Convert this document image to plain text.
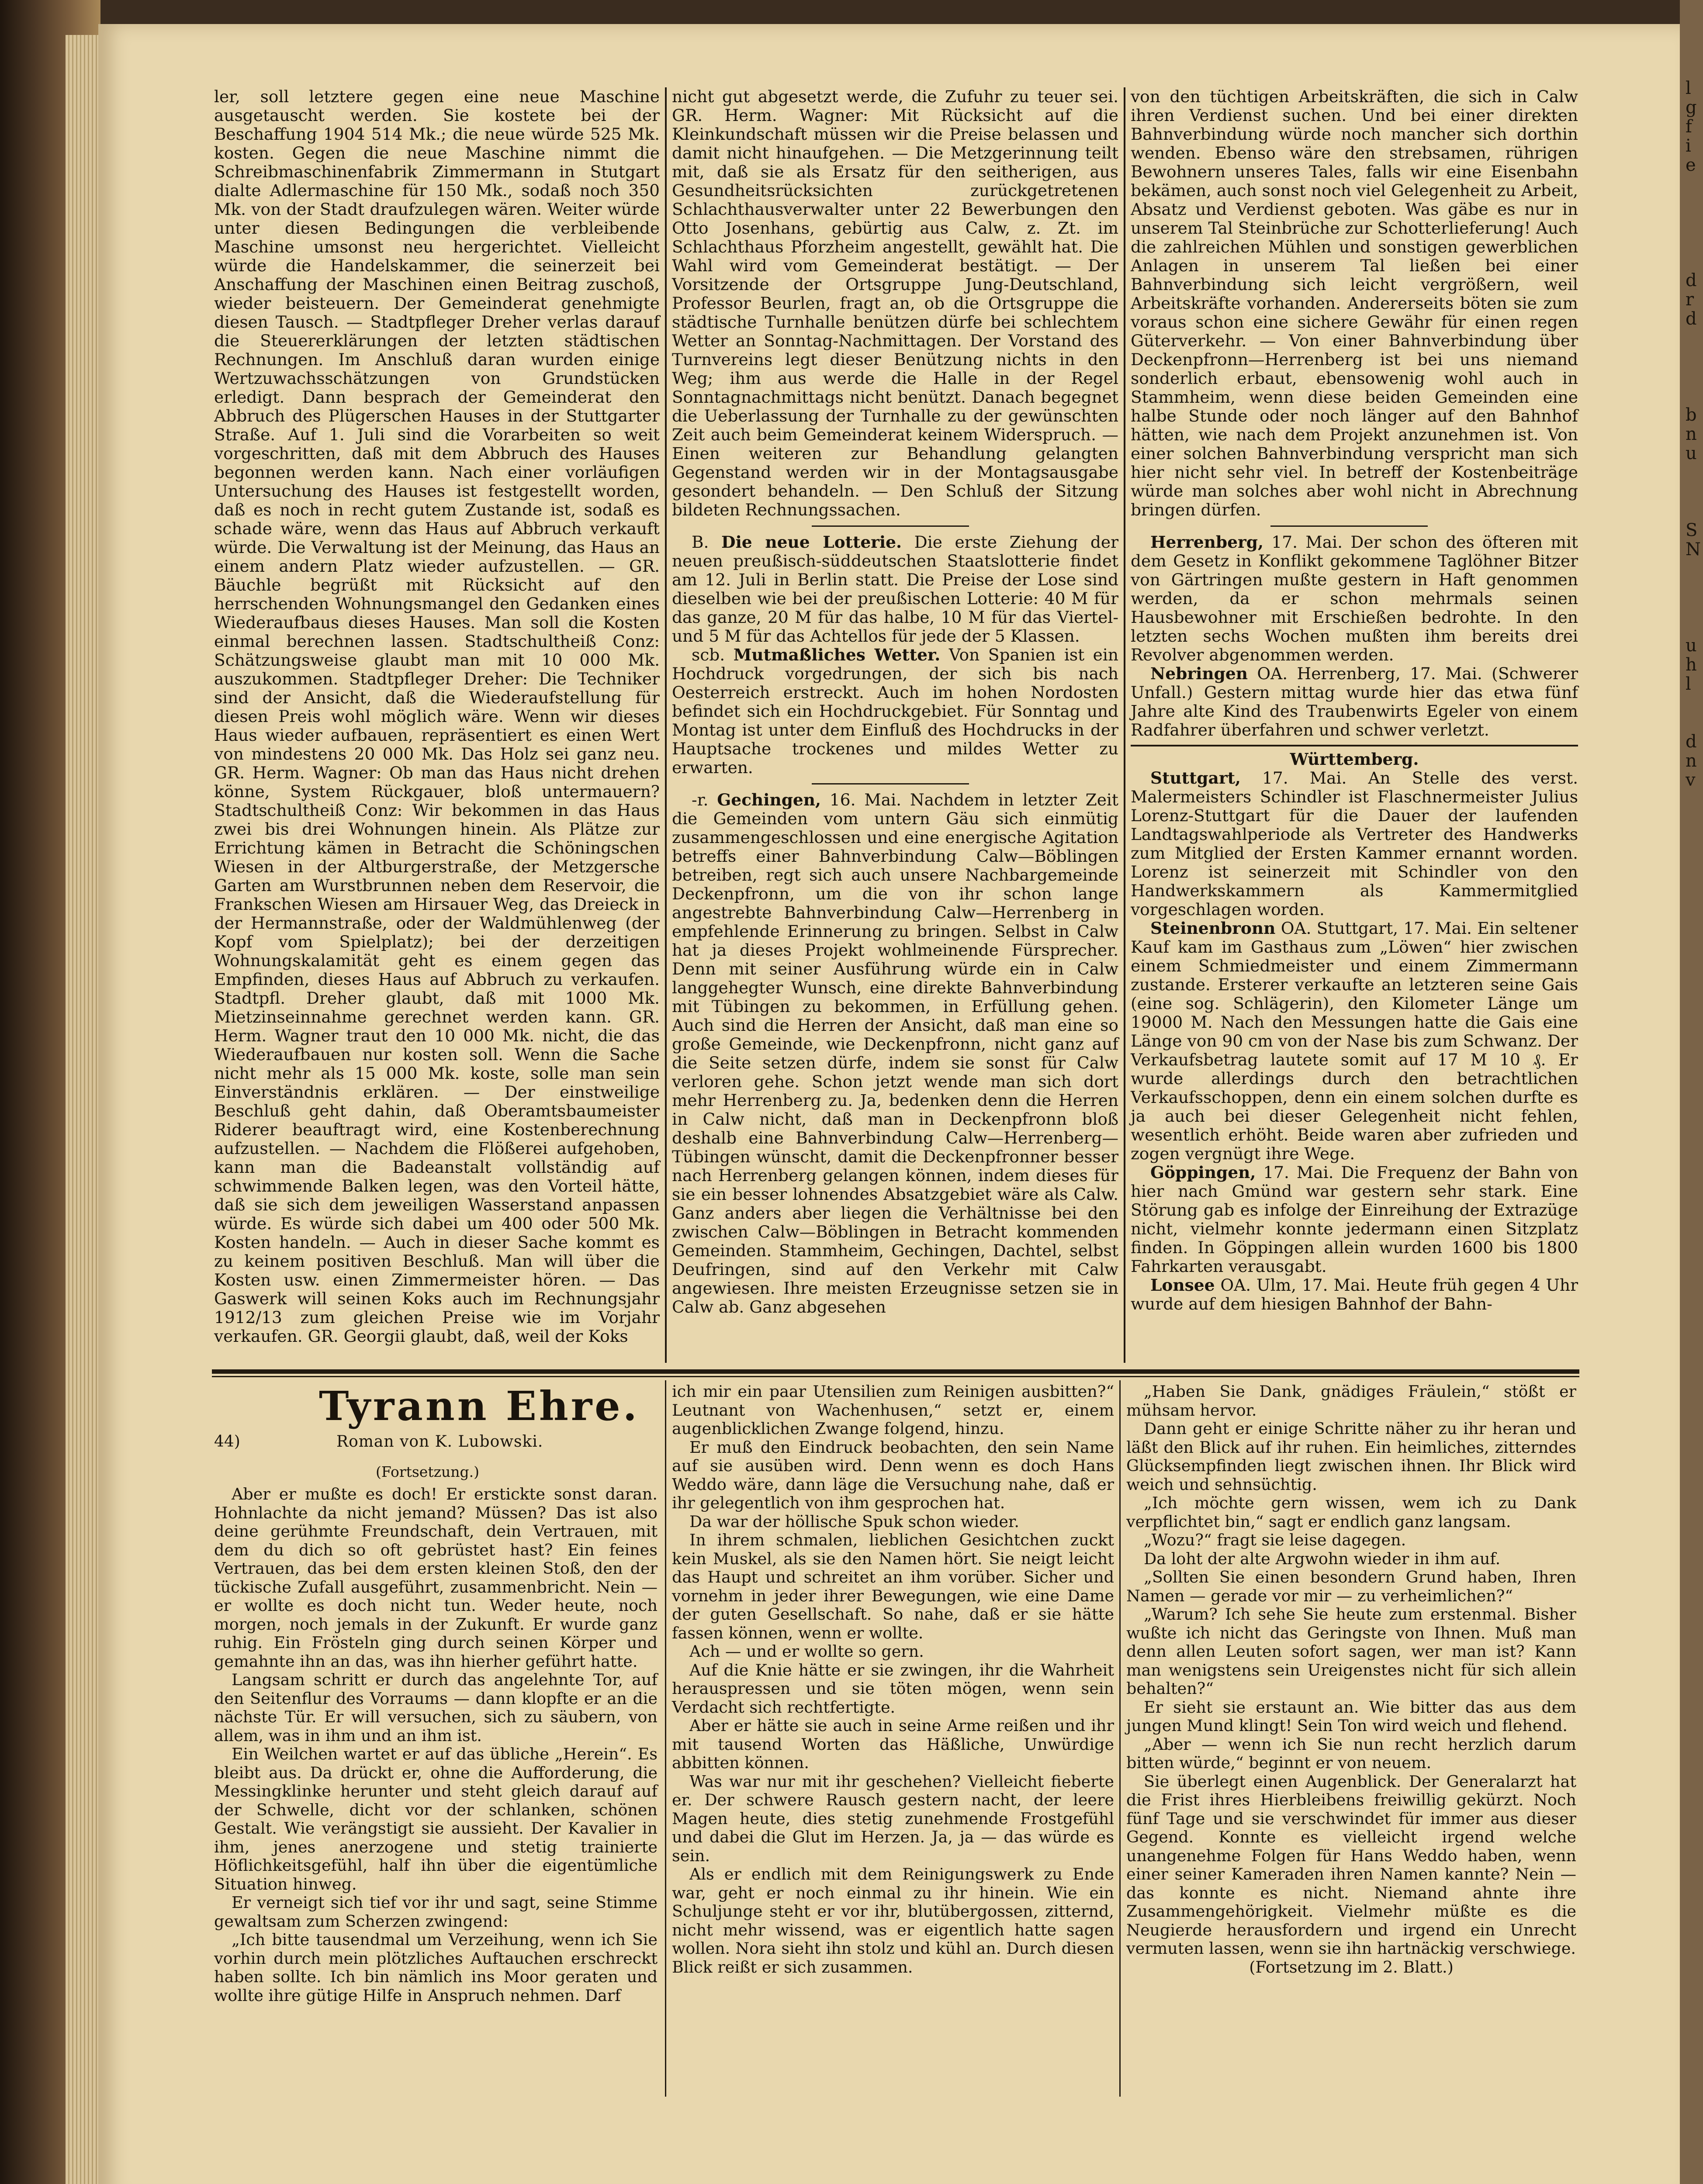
l
g
f
i
e

d
r
d

b
n
u

S
N

u
h
l

d
n
v

ler, soll letztere gegen eine neue Maschine ausgetauscht werden. Sie kostete bei der Beschaffung 1904 514 Mk.; die neue würde 525 Mk. kosten. Gegen die neue Maschine nimmt die Schreibmaschinenfabrik Zimmermann in Stutgart dialte Adlermaschine für 150 Mk., sodaß noch 350 Mk. von der Stadt draufzulegen wären. Weiter würde unter diesen Bedingungen die verbleibende Maschine umsonst neu hergerichtet. Vielleicht würde die Handelskammer, die seinerzeit bei Anschaffung der Maschinen einen Beitrag zuschoß, wieder beisteuern. Der Gemeinderat genehmigte diesen Tausch. — Stadtpfleger Dreher verlas darauf die Steuererklärungen der letzten städtischen Rechnungen. Im Anschluß daran wurden einige Wertzuwachsschätzungen von Grundstücken erledigt. Dann besprach der Gemeinderat den Abbruch des Plügerschen Hauses in der Stuttgarter Straße. Auf 1. Juli sind die Vorarbeiten so weit vorgeschritten, daß mit dem Abbruch des Hauses begonnen werden kann. Nach einer vorläufigen Untersuchung des Hauses ist festgestellt worden, daß es noch in recht gutem Zustande ist, sodaß es schade wäre, wenn das Haus auf Abbruch verkauft würde. Die Verwaltung ist der Meinung, das Haus an einem andern Platz wieder aufzustellen. — GR. Bäuchle begrüßt mit Rücksicht auf den herrschenden Wohnungsmangel den Gedanken eines Wiederaufbaus dieses Hauses. Man soll die Kosten einmal berechnen lassen. Stadtschultheiß Conz: Schätzungsweise glaubt man mit 10 000 Mk. auszukommen. Stadtpfleger Dreher: Die Techniker sind der Ansicht, daß die Wiederaufstellung für diesen Preis wohl möglich wäre. Wenn wir dieses Haus wieder aufbauen, repräsentiert es einen Wert von mindestens 20 000 Mk. Das Holz sei ganz neu. GR. Herm. Wagner: Ob man das Haus nicht drehen könne, System Rückgauer, bloß untermauern? Stadtschultheiß Conz: Wir bekommen in das Haus zwei bis drei Wohnungen hinein. Als Plätze zur Errichtung kämen in Betracht die Schöningschen Wiesen in der Altburgerstraße, der Metzgersche Garten am Wurstbrunnen neben dem Reservoir, die Frankschen Wiesen am Hirsauer Weg, das Dreieck in der Hermannstraße, oder der Waldmühlenweg (der Kopf vom Spielplatz); bei der derzeitigen Wohnungskalamität geht es einem gegen das Empfinden, dieses Haus auf Abbruch zu verkaufen. Stadtpfl. Dreher glaubt, daß mit 1000 Mk. Mietzinseinnahme gerechnet werden kann. GR. Herm. Wagner traut den 10 000 Mk. nicht, die das Wiederaufbauen nur kosten soll. Wenn die Sache nicht mehr als 15 000 Mk. koste, solle man sein Einverständnis erklären. — Der einstweilige Beschluß geht dahin, daß Oberamtsbaumeister Riderer beauftragt wird, eine Kostenberechnung aufzustellen. — Nachdem die Flößerei aufgehoben, kann man die Badeanstalt vollständig auf schwimmende Balken legen, was den Vorteil hätte, daß sie sich dem jeweiligen Wasserstand anpassen würde. Es würde sich dabei um 400 oder 500 Mk. Kosten handeln. — Auch in dieser Sache kommt es zu keinem positiven Beschluß. Man will über die Kosten usw. einen Zimmermeister hören. — Das Gaswerk will seinen Koks auch im Rechnungsjahr 1912/13 zum gleichen Preise wie im Vorjahr verkaufen. GR. Georgii glaubt, daß, weil der Koks

nicht gut abgesetzt werde, die Zufuhr zu teuer sei. GR. Herm. Wagner: Mit Rücksicht auf die Kleinkundschaft müssen wir die Preise belassen und damit nicht hinaufgehen. — Die Metzgerinnung teilt mit, daß sie als Ersatz für den seitherigen, aus Gesundheitsrücksichten zurückgetretenen Schlachthausverwalter unter 22 Bewerbungen den Otto Josenhans, gebürtig aus Calw, z. Zt. im Schlachthaus Pforzheim angestellt, gewählt hat. Die Wahl wird vom Gemeinderat bestätigt. — Der Vorsitzende der Ortsgruppe Jung-Deutschland, Professor Beurlen, fragt an, ob die Ortsgruppe die städtische Turnhalle benützen dürfe bei schlechtem Wetter an Sonntag-Nachmittagen. Der Vorstand des Turnvereins legt dieser Benützung nichts in den Weg; ihm aus werde die Halle in der Regel Sonntagnachmittags nicht benützt. Danach begegnet die Ueberlassung der Turnhalle zu der gewünschten Zeit auch beim Gemeinderat keinem Widerspruch. — Einen weiteren zur Behandlung gelangten Gegenstand werden wir in der Montagsausgabe gesondert behandeln. — Den Schluß der Sitzung bildeten Rechnungssachen.

B. Die neue Lotterie. Die erste Ziehung der neuen preußisch-süddeutschen Staatslotterie findet am 12. Juli in Berlin statt. Die Preise der Lose sind dieselben wie bei der preußischen Lotterie: 40 M für das ganze, 20 M für das halbe, 10 M für das Viertel- und 5 M für das Achtellos für jede der 5 Klassen.

scb. Mutmaßliches Wetter. Von Spanien ist ein Hochdruck vorgedrungen, der sich bis nach Oesterreich erstreckt. Auch im hohen Nordosten befindet sich ein Hochdruckgebiet. Für Sonntag und Montag ist unter dem Einfluß des Hochdrucks in der Hauptsache trockenes und mildes Wetter zu erwarten.

-r. Gechingen, 16. Mai. Nachdem in letzter Zeit die Gemeinden vom untern Gäu sich einmütig zusammengeschlossen und eine energische Agitation betreffs einer Bahnverbindung Calw—Böblingen betreiben, regt sich auch unsere Nachbargemeinde Deckenpfronn, um die von ihr schon lange angestrebte Bahnverbindung Calw—Herrenberg in empfehlende Erinnerung zu bringen. Selbst in Calw hat ja dieses Projekt wohlmeinende Fürsprecher. Denn mit seiner Ausführung würde ein in Calw langgehegter Wunsch, eine direkte Bahnverbindung mit Tübingen zu bekommen, in Erfüllung gehen. Auch sind die Herren der Ansicht, daß man eine so große Gemeinde, wie Deckenpfronn, nicht ganz auf die Seite setzen dürfe, indem sie sonst für Calw verloren gehe. Schon jetzt wende man sich dort mehr Herrenberg zu. Ja, bedenken denn die Herren in Calw nicht, daß man in Deckenpfronn bloß deshalb eine Bahnverbindung Calw—Herrenberg—Tübingen wünscht, damit die Deckenpfronner besser nach Herrenberg gelangen können, indem dieses für sie ein besser lohnendes Absatzgebiet wäre als Calw. Ganz anders aber liegen die Verhältnisse bei den zwischen Calw—Böblingen in Betracht kommenden Gemeinden. Stammheim, Gechingen, Dachtel, selbst Deufringen, sind auf den Verkehr mit Calw angewiesen. Ihre meisten Erzeugnisse setzen sie in Calw ab. Ganz abgesehen

von den tüchtigen Arbeitskräften, die sich in Calw ihren Verdienst suchen. Und bei einer direkten Bahnverbindung würde noch mancher sich dorthin wenden. Ebenso wäre den strebsamen, rührigen Bewohnern unseres Tales, falls wir eine Eisenbahn bekämen, auch sonst noch viel Gelegenheit zu Arbeit, Absatz und Verdienst geboten. Was gäbe es nur in unserem Tal Steinbrüche zur Schotterlieferung! Auch die zahlreichen Mühlen und sonstigen gewerblichen Anlagen in unserem Tal ließen bei einer Bahnverbindung sich leicht vergrößern, weil Arbeitskräfte vorhanden. Andererseits böten sie zum voraus schon eine sichere Gewähr für einen regen Güterverkehr. — Von einer Bahnverbindung über Deckenpfronn—Herrenberg ist bei uns niemand sonderlich erbaut, ebensowenig wohl auch in Stammheim, wenn diese beiden Gemeinden eine halbe Stunde oder noch länger auf den Bahnhof hätten, wie nach dem Projekt anzunehmen ist. Von einer solchen Bahnverbindung verspricht man sich hier nicht sehr viel. In betreff der Kostenbeiträge würde man solches aber wohl nicht in Abrechnung bringen dürfen.

Herrenberg, 17. Mai. Der schon des öfteren mit dem Gesetz in Konflikt gekommene Taglöhner Bitzer von Gärtringen mußte gestern in Haft genommen werden, da er schon mehrmals seinen Hausbewohner mit Erschießen bedrohte. In den letzten sechs Wochen mußten ihm bereits drei Revolver abgenommen werden.

Nebringen OA. Herrenberg, 17. Mai. (Schwerer Unfall.) Gestern mittag wurde hier das etwa fünf Jahre alte Kind des Traubenwirts Egeler von einem Radfahrer überfahren und schwer verletzt.

Württemberg.

Stuttgart, 17. Mai. An Stelle des verst. Malermeisters Schindler ist Flaschnermeister Julius Lorenz-Stuttgart für die Dauer der laufenden Landtagswahlperiode als Vertreter des Handwerks zum Mitglied der Ersten Kammer ernannt worden. Lorenz ist seinerzeit mit Schindler von den Handwerkskammern als Kammermitglied vorgeschlagen worden.

Steinenbronn OA. Stuttgart, 17. Mai. Ein seltener Kauf kam im Gasthaus zum „Löwen“ hier zwischen einem Schmiedmeister und einem Zimmermann zustande. Ersterer verkaufte an letzteren seine Gais (eine sog. Schlägerin), den Kilometer Länge um 19000 M. Nach den Messungen hatte die Gais eine Länge von 90 cm von der Nase bis zum Schwanz. Der Verkaufsbetrag lautete somit auf 17 M 10 ₰. Er wurde allerdings durch den betrachtlichen Verkaufsschoppen, denn ein einem solchen durfte es ja auch bei dieser Gelegenheit nicht fehlen, wesentlich erhöht. Beide waren aber zufrieden und zogen vergnügt ihre Wege.

Göppingen, 17. Mai. Die Frequenz der Bahn von hier nach Gmünd war gestern sehr stark. Eine Störung gab es infolge der Einreihung der Extrazüge nicht, vielmehr konnte jedermann einen Sitzplatz finden. In Göppingen allein wurden 1600 bis 1800 Fahrkarten verausgabt.

Lonsee OA. Ulm, 17. Mai. Heute früh gegen 4 Uhr wurde auf dem hiesigen Bahnhof der Bahn-

Tyrann Ehre.
44)	Roman von K. Lubowski.
(Fortsetzung.)

Aber er mußte es doch! Er erstickte sonst daran. Hohnlachte da nicht jemand? Müssen? Das ist also deine gerühmte Freundschaft, dein Vertrauen, mit dem du dich so oft gebrüstet hast? Ein feines Vertrauen, das bei dem ersten kleinen Stoß, den der tückische Zufall ausgeführt, zusammenbricht. Nein — er wollte es doch nicht tun. Weder heute, noch morgen, noch jemals in der Zukunft. Er wurde ganz ruhig. Ein Frösteln ging durch seinen Körper und gemahnte ihn an das, was ihn hierher geführt hatte.

Langsam schritt er durch das angelehnte Tor, auf den Seitenflur des Vorraums — dann klopfte er an die nächste Tür. Er will versuchen, sich zu säubern, von allem, was in ihm und an ihm ist.

Ein Weilchen wartet er auf das übliche „Herein“. Es bleibt aus. Da drückt er, ohne die Aufforderung, die Messingklinke herunter und steht gleich darauf auf der Schwelle, dicht vor der schlanken, schönen Gestalt. Wie verängstigt sie aussieht. Der Kavalier in ihm, jenes anerzogene und stetig trainierte Höflichkeitsgefühl, half ihn über die eigentümliche Situation hinweg.

Er verneigt sich tief vor ihr und sagt, seine Stimme gewaltsam zum Scherzen zwingend:

„Ich bitte tausendmal um Verzeihung, wenn ich Sie vorhin durch mein plötzliches Auftauchen erschreckt haben sollte. Ich bin nämlich ins Moor geraten und wollte ihre gütige Hilfe in Anspruch nehmen. Darf

ich mir ein paar Utensilien zum Reinigen ausbitten?“ Leutnant von Wachenhusen,“ setzt er, einem augenblicklichen Zwange folgend, hinzu.

Er muß den Eindruck beobachten, den sein Name auf sie ausüben wird. Denn wenn es doch Hans Weddo wäre, dann läge die Versuchung nahe, daß er ihr gelegentlich von ihm gesprochen hat.

Da war der höllische Spuk schon wieder.

In ihrem schmalen, lieblichen Gesichtchen zuckt kein Muskel, als sie den Namen hört. Sie neigt leicht das Haupt und schreitet an ihm vorüber. Sicher und vornehm in jeder ihrer Bewegungen, wie eine Dame der guten Gesellschaft. So nahe, daß er sie hätte fassen können, wenn er wollte.

Ach — und er wollte so gern.

Auf die Knie hätte er sie zwingen, ihr die Wahrheit herauspressen und sie töten mögen, wenn sein Verdacht sich rechtfertigte.

Aber er hätte sie auch in seine Arme reißen und ihr mit tausend Worten das Häßliche, Unwürdige abbitten können.

Was war nur mit ihr geschehen? Vielleicht fieberte er. Der schwere Rausch gestern nacht, der leere Magen heute, dies stetig zunehmende Frostgefühl und dabei die Glut im Herzen. Ja, ja — das würde es sein.

Als er endlich mit dem Reinigungswerk zu Ende war, geht er noch einmal zu ihr hinein. Wie ein Schuljunge steht er vor ihr, blutübergossen, zitternd, nicht mehr wissend, was er eigentlich hatte sagen wollen. Nora sieht ihn stolz und kühl an. Durch diesen Blick reißt er sich zusammen.

„Haben Sie Dank, gnädiges Fräulein,“ stößt er mühsam hervor.

Dann geht er einige Schritte näher zu ihr heran und läßt den Blick auf ihr ruhen. Ein heimliches, zitterndes Glücksempfinden liegt zwischen ihnen. Ihr Blick wird weich und sehnsüchtig.

„Ich möchte gern wissen, wem ich zu Dank verpflichtet bin,“ sagt er endlich ganz langsam.

„Wozu?“ fragt sie leise dagegen.

Da loht der alte Argwohn wieder in ihm auf.

„Sollten Sie einen besondern Grund haben, Ihren Namen — gerade vor mir — zu verheimlichen?“

„Warum? Ich sehe Sie heute zum erstenmal. Bisher wußte ich nicht das Geringste von Ihnen. Muß man denn allen Leuten sofort sagen, wer man ist? Kann man wenigstens sein Ureigenstes nicht für sich allein behalten?“

Er sieht sie erstaunt an. Wie bitter das aus dem jungen Mund klingt! Sein Ton wird weich und flehend.

„Aber — wenn ich Sie nun recht herzlich darum bitten würde,“ beginnt er von neuem.

Sie überlegt einen Augenblick. Der Generalarzt hat die Frist ihres Hierbleibens freiwillig gekürzt. Noch fünf Tage und sie verschwindet für immer aus dieser Gegend. Konnte es vielleicht irgend welche unangenehme Folgen für Hans Weddo haben, wenn einer seiner Kameraden ihren Namen kannte? Nein — das konnte es nicht. Niemand ahnte ihre Zusammengehörigkeit. Vielmehr müßte es die Neugierde herausfordern und irgend ein Unrecht vermuten lassen, wenn sie ihn hartnäckig verschwiege.

(Fortsetzung im 2. Blatt.)
